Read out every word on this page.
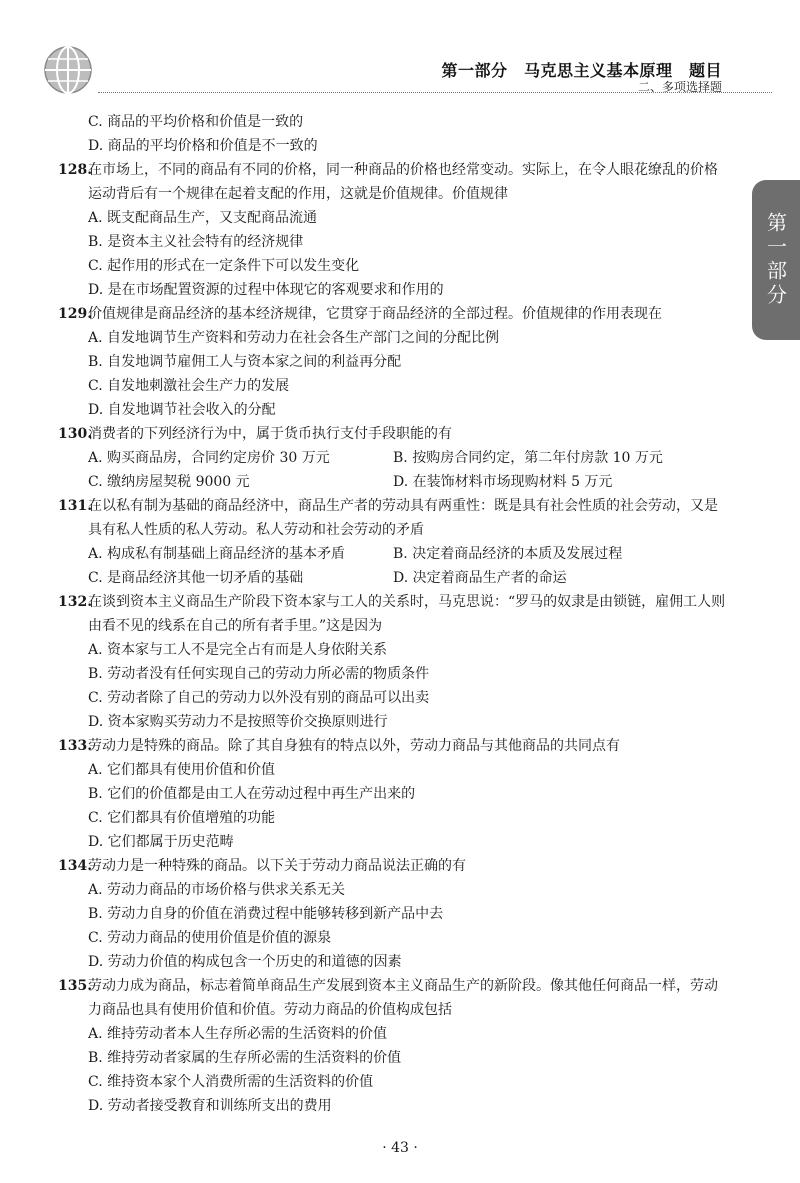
第一部分　马克思主义基本原理　题目
二、多项选择题
第一部分
C. 商品的平均价格和价值是一致的
D. 商品的平均价格和价值是不一致的
128.
在市场上，不同的商品有不同的价格，同一种商品的价格也经常变动。实际上，在令人眼花缭乱的价格运动背后有一个规律在起着支配的作用，这就是价值规律。价值规律
A. 既支配商品生产，又支配商品流通
B. 是资本主义社会特有的经济规律
C. 起作用的形式在一定条件下可以发生变化
D. 是在市场配置资源的过程中体现它的客观要求和作用的
129.
价值规律是商品经济的基本经济规律，它贯穿于商品经济的全部过程。价值规律的作用表现在
A. 自发地调节生产资料和劳动力在社会各生产部门之间的分配比例
B. 自发地调节雇佣工人与资本家之间的利益再分配
C. 自发地刺激社会生产力的发展
D. 自发地调节社会收入的分配
130.
消费者的下列经济行为中，属于货币执行支付手段职能的有
A. 购买商品房，合同约定房价 30 万元	B. 按购房合同约定，第二年付房款 10 万元
C. 缴纳房屋契税 9000 元	D. 在装饰材料市场现购材料 5 万元
131.
在以私有制为基础的商品经济中，商品生产者的劳动具有两重性：既是具有社会性质的社会劳动，又是具有私人性质的私人劳动。私人劳动和社会劳动的矛盾
A. 构成私有制基础上商品经济的基本矛盾	B. 决定着商品经济的本质及发展过程
C. 是商品经济其他一切矛盾的基础	D. 决定着商品生产者的命运
132.
在谈到资本主义商品生产阶段下资本家与工人的关系时，马克思说：“罗马的奴隶是由锁链，雇佣工人则由看不见的线系在自己的所有者手里。”这是因为
A. 资本家与工人不是完全占有而是人身依附关系
B. 劳动者没有任何实现自己的劳动力所必需的物质条件
C. 劳动者除了自己的劳动力以外没有别的商品可以出卖
D. 资本家购买劳动力不是按照等价交换原则进行
133.
劳动力是特殊的商品。除了其自身独有的特点以外，劳动力商品与其他商品的共同点有
A. 它们都具有使用价值和价值
B. 它们的价值都是由工人在劳动过程中再生产出来的
C. 它们都具有价值增殖的功能
D. 它们都属于历史范畴
134.
劳动力是一种特殊的商品。以下关于劳动力商品说法正确的有
A. 劳动力商品的市场价格与供求关系无关
B. 劳动力自身的价值在消费过程中能够转移到新产品中去
C. 劳动力商品的使用价值是价值的源泉
D. 劳动力价值的构成包含一个历史的和道德的因素
135.
劳动力成为商品，标志着简单商品生产发展到资本主义商品生产的新阶段。像其他任何商品一样，劳动力商品也具有使用价值和价值。劳动力商品的价值构成包括
A. 维持劳动者本人生存所必需的生活资料的价值
B. 维持劳动者家属的生存所必需的生活资料的价值
C. 维持资本家个人消费所需的生活资料的价值
D. 劳动者接受教育和训练所支出的费用
· 43 ·
